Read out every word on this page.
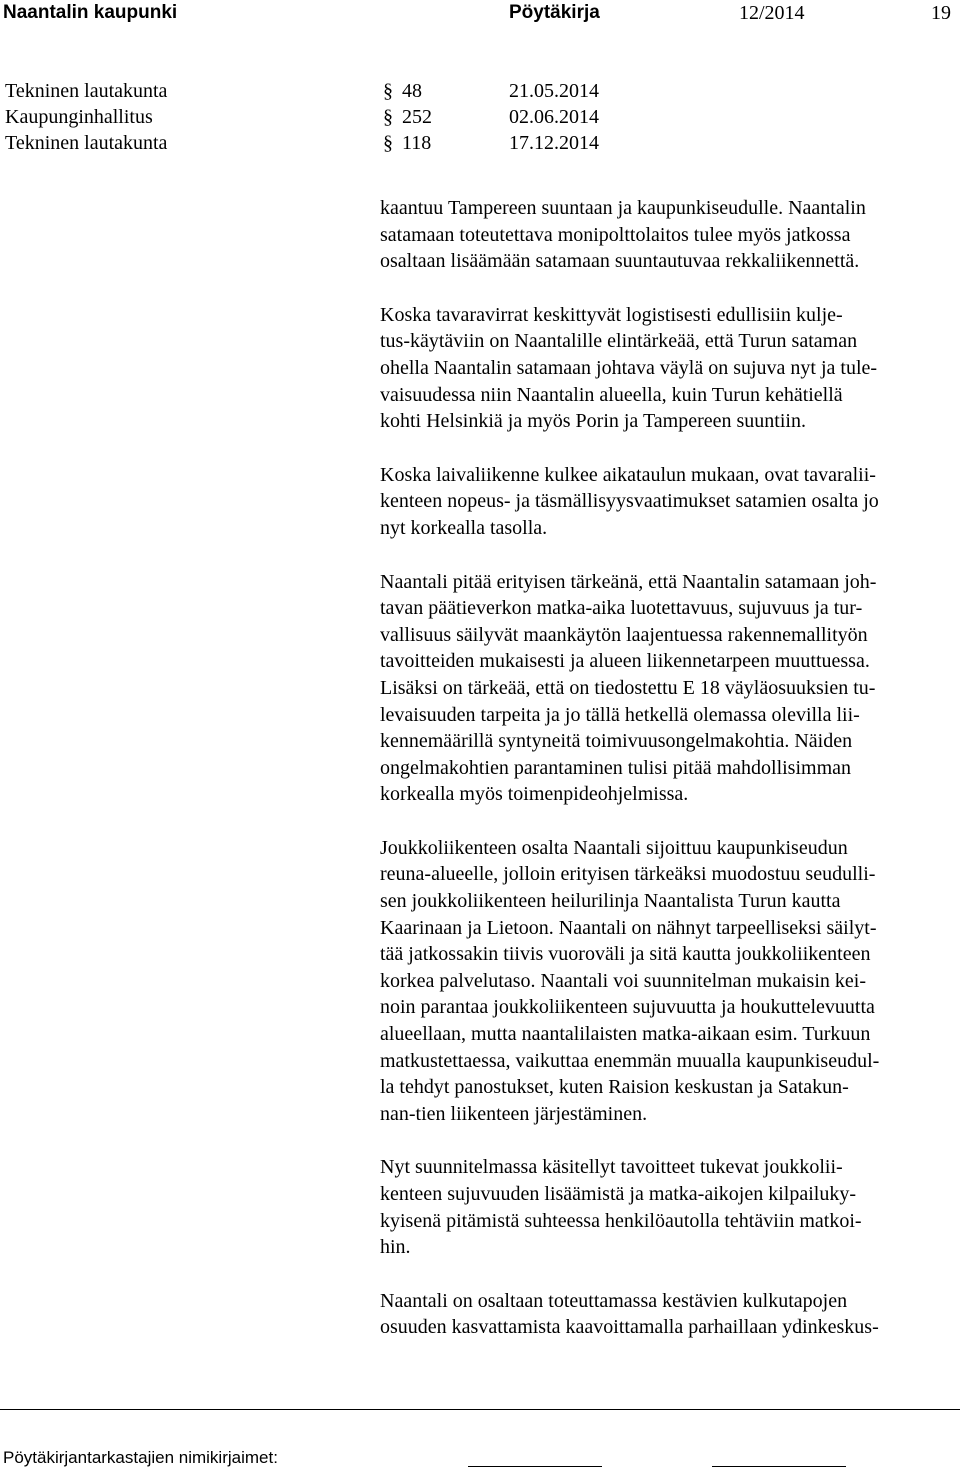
Naantalin kaupunki	Pöytäkirja	12/2014	19
Tekninen lautakunta	§ 48	21.05.2014
Kaupunginhallitus	§ 252	02.06.2014
Tekninen lautakunta	§ 118	17.12.2014

kaantuu Tampereen suuntaan ja kaupunkiseudulle. Naantalin
satamaan toteutettava monipolttolaitos tulee myös jatkossa
osaltaan lisäämään satamaan suuntautuvaa rekkaliikennettä.

Koska tavaravirrat keskittyvät logistisesti edullisiin kulje-
tus-käytäviin on Naantalille elintärkeää, että Turun sataman
ohella Naantalin satamaan johtava väylä on sujuva nyt ja tule-
vaisuudessa niin Naantalin alueella, kuin Turun kehätiellä
kohti Helsinkiä ja myös Porin ja Tampereen suuntiin.

Koska laivaliikenne kulkee aikataulun mukaan, ovat tavaralii-
kenteen nopeus- ja täsmällisyysvaatimukset satamien osalta jo
nyt korkealla tasolla.

Naantali pitää erityisen tärkeänä, että Naantalin satamaan joh-
tavan päätieverkon matka-aika luotettavuus, sujuvuus ja tur-
vallisuus säilyvät maankäytön laajentuessa rakennemallityön
tavoitteiden mukaisesti ja alueen liikennetarpeen muuttuessa.
Lisäksi on tärkeää, että on tiedostettu E 18 väyläosuuksien tu-
levaisuuden tarpeita ja jo tällä hetkellä olemassa olevilla lii-
kennemäärillä syntyneitä toimivuusongelmakohtia. Näiden
ongelmakohtien parantaminen tulisi pitää mahdollisimman
korkealla myös toimenpideohjelmissa.

Joukkoliikenteen osalta Naantali sijoittuu kaupunkiseudun
reuna-alueelle, jolloin erityisen tärkeäksi muodostuu seudulli-
sen joukkoliikenteen heilurilinja Naantalista Turun kautta
Kaarinaan ja Lietoon. Naantali on nähnyt tarpeelliseksi säilyt-
tää jatkossakin tiivis vuoroväli ja sitä kautta joukkoliikenteen
korkea palvelutaso. Naantali voi suunnitelman mukaisin kei-
noin parantaa joukkoliikenteen sujuvuutta ja houkuttelevuutta
alueellaan, mutta naantalilaisten matka-aikaan esim. Turkuun
matkustettaessa, vaikuttaa enemmän muualla kaupunkiseudul-
la tehdyt panostukset, kuten Raision keskustan ja Satakun-
nan-tien liikenteen järjestäminen.

Nyt suunnitelmassa käsitellyt tavoitteet tukevat joukkolii-
kenteen sujuvuuden lisäämistä ja matka-aikojen kilpailuky-
kyisenä pitämistä suhteessa henkilöautolla tehtäviin matkoi-
hin.

Naantali on osaltaan toteuttamassa kestävien kulkutapojen
osuuden kasvattamista kaavoittamalla parhaillaan ydinkeskus-

Pöytäkirjantarkastajien nimikirjaimet:
